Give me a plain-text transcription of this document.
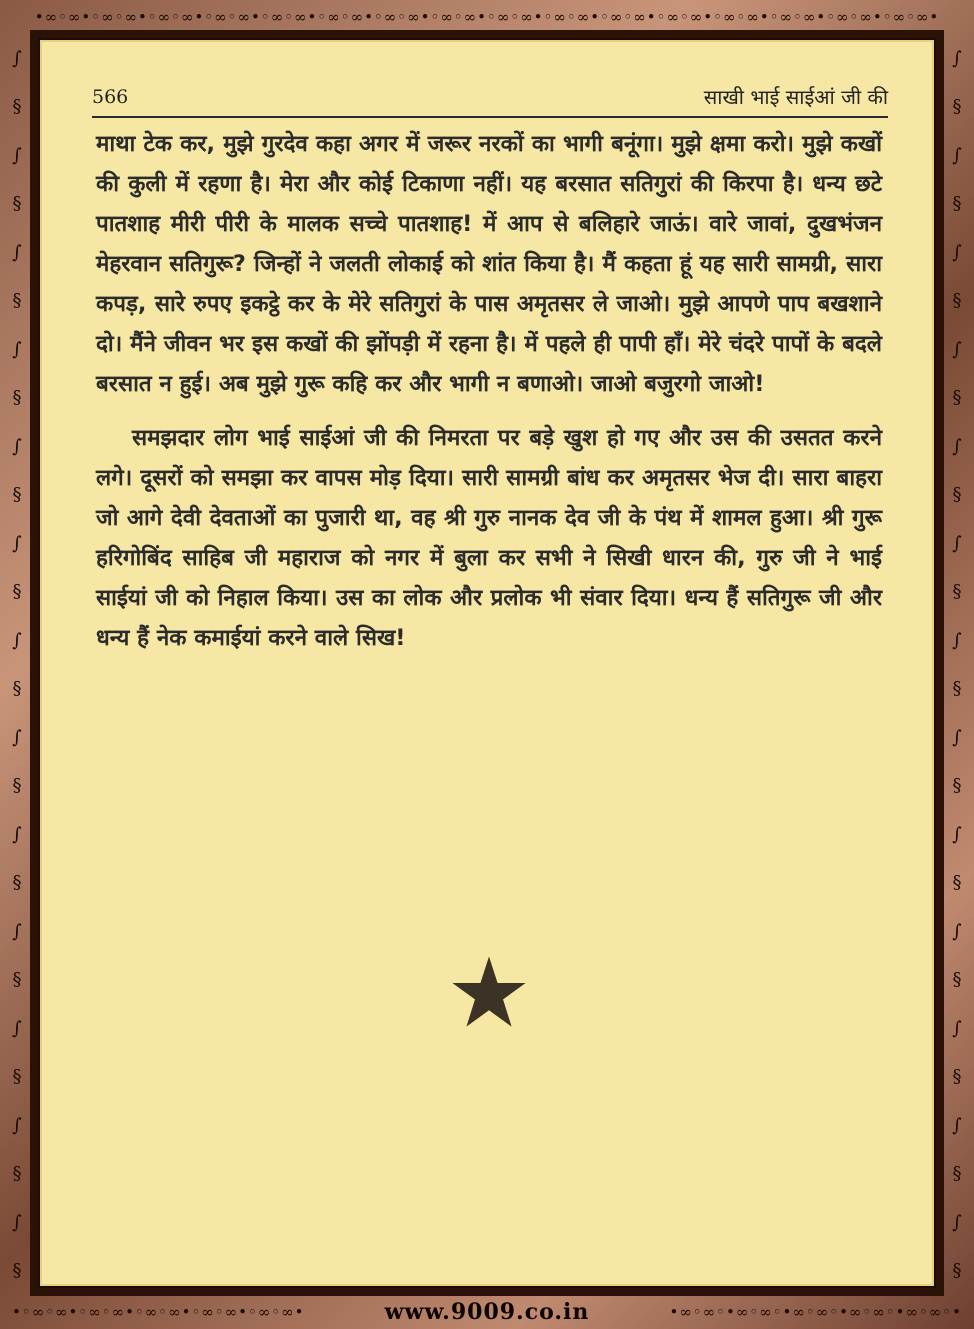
•∞◦∞•◦∞◦∞•◦∞◦∞•◦∞◦∞•◦∞◦∞•◦∞◦∞•◦∞◦∞•◦∞◦∞•◦∞◦∞•◦∞◦∞•◦∞◦∞•◦∞◦∞•◦∞◦∞•◦∞◦∞•◦∞◦∞•◦∞◦∞•
∫
§
∫
§
∫
§
∫
§
∫
§
∫
§
∫
§
∫
§
∫
§
∫
§
∫
§
∫
§
∫
§
∫
§
∫
§
∫
§
∫
§
∫
§
∫
§
∫
§
∫
§
∫
§
∫
§
∫
§
∫
§
∫
§
•◦∞◦∞•◦∞◦∞•◦∞◦∞•◦∞◦∞•◦∞◦∞•	www.9009.co.in	•∞◦∞◦•∞◦∞◦•∞◦∞◦•∞◦∞◦•∞◦∞◦•
566	साखी भाई साईआं जी की

माथा टेक कर, मुझे गुरदेव कहा अगर में जरूर नरकों का भागी बनूंगा। मुझे क्षमा करो। मुझे कखों की कुली में रहणा है। मेरा और कोई टिकाणा नहीं। यह बरसात सतिगुरां की किरपा है। धन्य छटे पातशाह मीरी पीरी के मालक सच्चे पातशाह! में आप से बलिहारे जाऊं। वारे जावां, दुखभंजन मेहरवान सतिगुरू? जिन्हों ने जलती लोकाई को शांत किया है। मैं कहता हूं यह सारी सामग्री, सारा कपड़, सारे रुपए इकट्ठे कर के मेरे सतिगुरां के पास अमृतसर ले जाओ। मुझे आपणे पाप बखशाने दो। मैंने जीवन भर इस कखों की झोंपड़ी में रहना है। में पहले ही पापी हाँ। मेरे चंदरे पापों के बदले बरसात न हुई। अब मुझे गुरू कहि कर और भागी न बणाओ। जाओ बजुरगो जाओ!

समझदार लोग भाई साईआं जी की निमरता पर बड़े खुश हो गए और उस की उसतत करने लगे। दूसरों को समझा कर वापस मोड़ दिया। सारी सामग्री बांध कर अमृतसर भेज दी। सारा बाहरा जो आगे देवी देवताओं का पुजारी था, वह श्री गुरु नानक देव जी के पंथ में शामल हुआ। श्री गुरू हरिगोबिंद साहिब जी महाराज को नगर में बुला कर सभी ने सिखी धारन की, गुरु जी ने भाई साईयां जी को निहाल किया। उस का लोक और प्रलोक भी संवार दिया। धन्य हैं सतिगुरू जी और धन्य हैं नेक कमाईयां करने वाले सिख!
